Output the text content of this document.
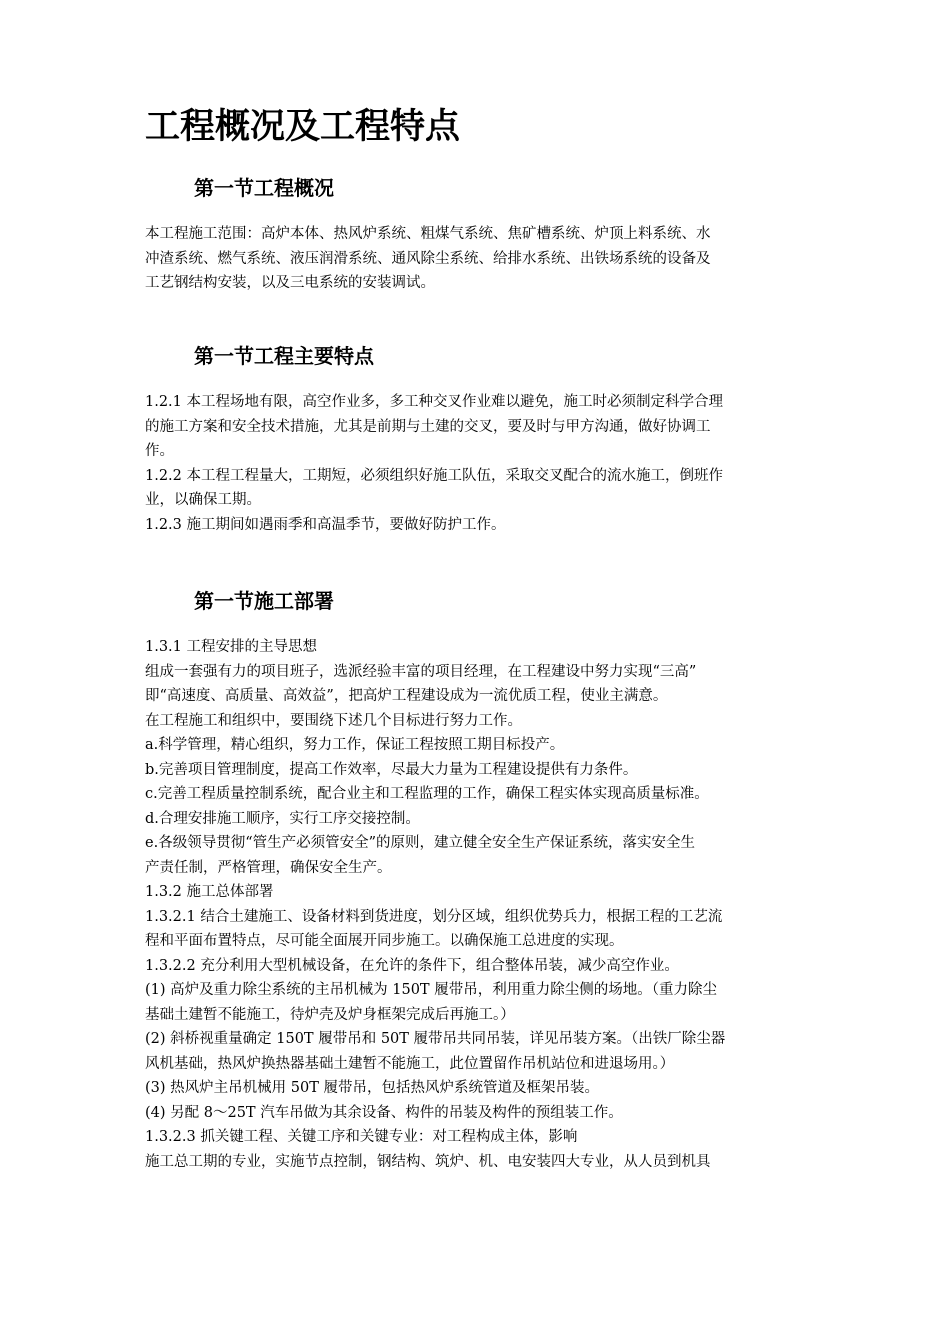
工程概况及工程特点
第一节工程概况
本工程施工范围：高炉本体、热风炉系统、粗煤气系统、焦矿槽系统、炉顶上料系统、水
冲渣系统、燃气系统、液压润滑系统、通风除尘系统、给排水系统、出铁场系统的设备及
工艺钢结构安装，以及三电系统的安装调试。
第一节工程主要特点
1.2.1 本工程场地有限，高空作业多，多工种交叉作业难以避免，施工时必须制定科学合理
的施工方案和安全技术措施，尤其是前期与土建的交叉，要及时与甲方沟通，做好协调工
作。
1.2.2 本工程工程量大，工期短，必须组织好施工队伍，采取交叉配合的流水施工，倒班作
业，以确保工期。
1.2.3 施工期间如遇雨季和高温季节，要做好防护工作。
第一节施工部署
1.3.1 工程安排的主导思想
组成一套强有力的项目班子，选派经验丰富的项目经理，在工程建设中努力实现“三高”
即“高速度、高质量、高效益”，把高炉工程建设成为一流优质工程，使业主满意。
在工程施工和组织中，要围绕下述几个目标进行努力工作。
a.科学管理，精心组织，努力工作，保证工程按照工期目标投产。
b.完善项目管理制度，提高工作效率，尽最大力量为工程建设提供有力条件。
c.完善工程质量控制系统，配合业主和工程监理的工作，确保工程实体实现高质量标准。
d.合理安排施工顺序，实行工序交接控制。
e.各级领导贯彻“管生产必须管安全”的原则，建立健全安全生产保证系统，落实安全生
产责任制，严格管理，确保安全生产。
1.3.2 施工总体部署
1.3.2.1 结合土建施工、设备材料到货进度，划分区域，组织优势兵力，根据工程的工艺流
程和平面布置特点，尽可能全面展开同步施工。以确保施工总进度的实现。
1.3.2.2 充分利用大型机械设备，在允许的条件下，组合整体吊装，减少高空作业。
(1) 高炉及重力除尘系统的主吊机械为 150T 履带吊，利用重力除尘侧的场地。（重力除尘
基础土建暂不能施工，待炉壳及炉身框架完成后再施工。）
(2) 斜桥视重量确定 150T 履带吊和 50T 履带吊共同吊装，详见吊装方案。（出铁厂除尘器
风机基础，热风炉换热器基础土建暂不能施工，此位置留作吊机站位和进退场用。）
(3) 热风炉主吊机械用 50T 履带吊，包括热风炉系统管道及框架吊装。
(4) 另配 8～25T 汽车吊做为其余设备、构件的吊装及构件的预组装工作。
1.3.2.3 抓关键工程、关键工序和关键专业：对工程构成主体，影响
施工总工期的专业，实施节点控制，钢结构、筑炉、机、电安装四大专业，从人员到机具
